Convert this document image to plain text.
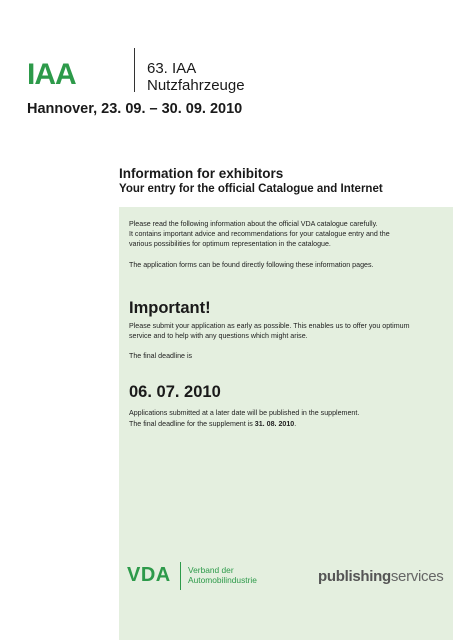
IAA	63. IAA
Nutzfahrzeuge
Hannover, 23. 09. – 30. 09. 2010
Information for exhibitors
Your entry for the official Catalogue and Internet

Please read the following information about the official VDA catalogue carefully.
It contains important advice and recommendations for your catalogue entry and the
various possibilities for optimum representation in the catalogue.

The application forms can be found directly following these information pages.

Important!

Please submit your application as early as possible. This enables us to offer you optimum
service and to help with any questions which might arise.

The final deadline is

06. 07. 2010

Applications submitted at a later date will be published in the supplement.
The final deadline for the supplement is 31. 08. 2010.

VDA Verband der
Automobilindustrie	publishingservices
